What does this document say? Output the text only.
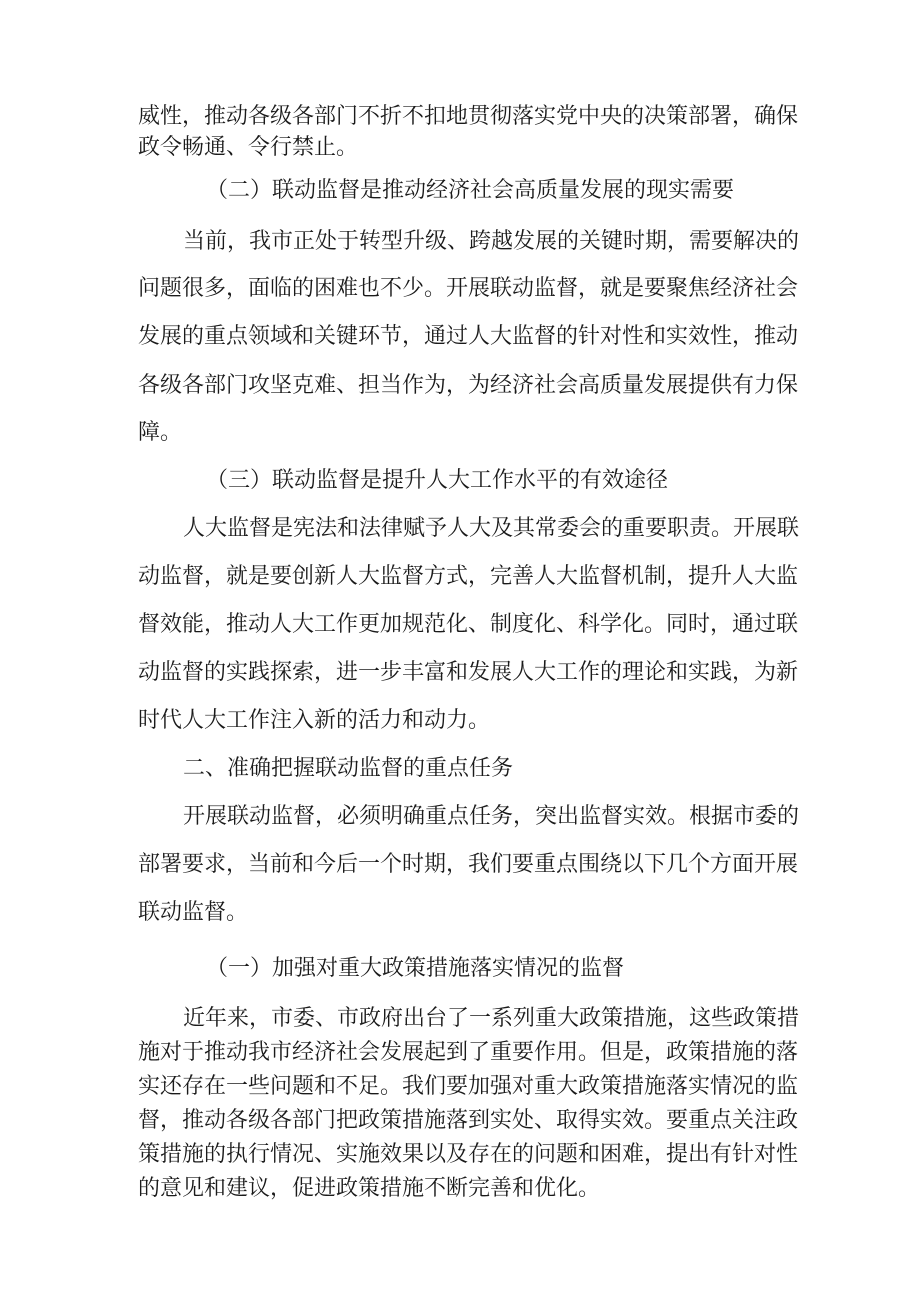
威性，推动各级各部门不折不扣地贯彻落实党中央的决策部署，确保
政令畅通、令行禁止。
（二）联动监督是推动经济社会高质量发展的现实需要
当前，我市正处于转型升级、跨越发展的关键时期，需要解决的
问题很多，面临的困难也不少。开展联动监督，就是要聚焦经济社会
发展的重点领域和关键环节，通过人大监督的针对性和实效性，推动
各级各部门攻坚克难、担当作为，为经济社会高质量发展提供有力保
障。
（三）联动监督是提升人大工作水平的有效途径
人大监督是宪法和法律赋予人大及其常委会的重要职责。开展联
动监督，就是要创新人大监督方式，完善人大监督机制，提升人大监
督效能，推动人大工作更加规范化、制度化、科学化。同时，通过联
动监督的实践探索，进一步丰富和发展人大工作的理论和实践，为新
时代人大工作注入新的活力和动力。
二、准确把握联动监督的重点任务
开展联动监督，必须明确重点任务，突出监督实效。根据市委的
部署要求，当前和今后一个时期，我们要重点围绕以下几个方面开展
联动监督。
（一）加强对重大政策措施落实情况的监督
近年来，市委、市政府出台了一系列重大政策措施，这些政策措
施对于推动我市经济社会发展起到了重要作用。但是，政策措施的落
实还存在一些问题和不足。我们要加强对重大政策措施落实情况的监
督，推动各级各部门把政策措施落到实处、取得实效。要重点关注政
策措施的执行情况、实施效果以及存在的问题和困难，提出有针对性
的意见和建议，促进政策措施不断完善和优化。
